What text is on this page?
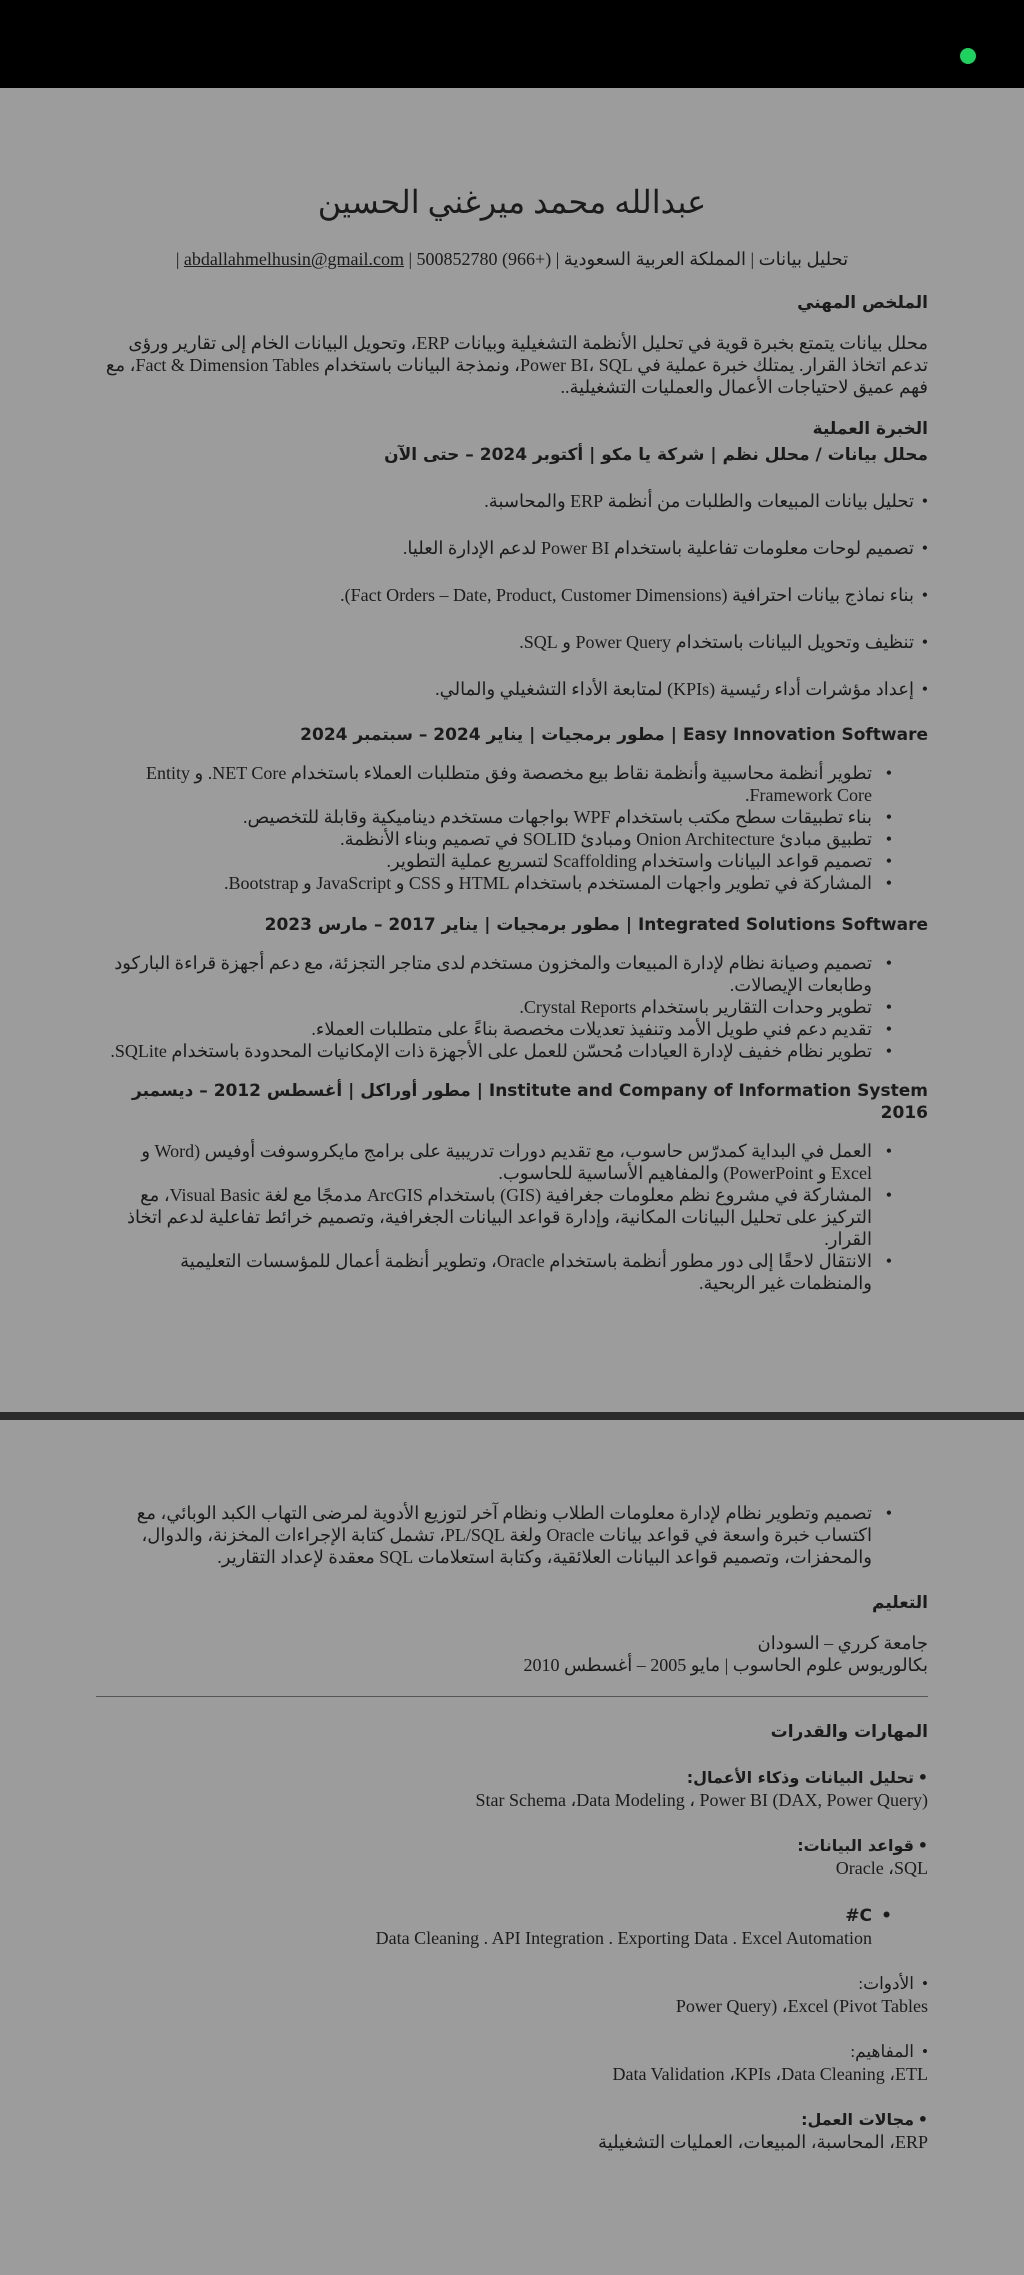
عبدالله محمد ميرغني الحسين
تحليل بيانات | المملكة العربية السعودية | abdallahmelhusin@gmail.com | 500852780 (966+) |
الملخص المهني

محلل بيانات يتمتع بخبرة قوية في تحليل الأنظمة التشغيلية وبيانات ERP، وتحويل البيانات الخام إلى تقارير ورؤى تدعم اتخاذ القرار. يمتلك خبرة عملية في Power BI، SQL، ونمذجة البيانات باستخدام Fact & Dimension Tables، مع فهم عميق لاحتياجات الأعمال والعمليات التشغيلية..

الخبرة العملية
محلل بيانات / محلل نظم | شركة يا مكو | أكتوبر 2024 – حتى الآن
• تحليل بيانات المبيعات والطلبات من أنظمة ERP والمحاسبة.
• تصميم لوحات معلومات تفاعلية باستخدام Power BI لدعم الإدارة العليا.
• بناء نماذج بيانات احترافية (Fact Orders – Date, Product, Customer Dimensions).
• تنظيف وتحويل البيانات باستخدام Power Query و SQL.
• إعداد مؤشرات أداء رئيسية (KPIs) لمتابعة الأداء التشغيلي والمالي.
Easy Innovation Software | مطور برمجيات | يناير 2024 – سبتمبر 2024
• تطوير أنظمة محاسبية وأنظمة نقاط بيع مخصصة وفق متطلبات العملاء باستخدام NET Core. و Entity Framework Core.
• بناء تطبيقات سطح مكتب باستخدام WPF بواجهات مستخدم ديناميكية وقابلة للتخصيص.
• تطبيق مبادئ Onion Architecture ومبادئ SOLID في تصميم وبناء الأنظمة.
• تصميم قواعد البيانات واستخدام Scaffolding لتسريع عملية التطوير.
• المشاركة في تطوير واجهات المستخدم باستخدام HTML و CSS و JavaScript و Bootstrap.
Integrated Solutions Software | مطور برمجيات | يناير 2017 – مارس 2023
• تصميم وصيانة نظام لإدارة المبيعات والمخزون مستخدم لدى متاجر التجزئة، مع دعم أجهزة قراءة الباركود وطابعات الإيصالات.
• تطوير وحدات التقارير باستخدام Crystal Reports.
• تقديم دعم فني طويل الأمد وتنفيذ تعديلات مخصصة بناءً على متطلبات العملاء.
• تطوير نظام خفيف لإدارة العيادات مُحسّن للعمل على الأجهزة ذات الإمكانيات المحدودة باستخدام SQLite.
Institute and Company of Information System | مطور أوراكل | أغسطس 2012 – ديسمبر 2016
• العمل في البداية كمدرّس حاسوب، مع تقديم دورات تدريبية على برامج مايكروسوفت أوفيس (Word و Excel و PowerPoint) والمفاهيم الأساسية للحاسوب.
• المشاركة في مشروع نظم معلومات جغرافية (GIS) باستخدام ArcGIS مدمجًا مع لغة Visual Basic، مع التركيز على تحليل البيانات المكانية، وإدارة قواعد البيانات الجغرافية، وتصميم خرائط تفاعلية لدعم اتخاذ القرار.
• الانتقال لاحقًا إلى دور مطور أنظمة باستخدام Oracle، وتطوير أنظمة أعمال للمؤسسات التعليمية والمنظمات غير الربحية.
• تصميم وتطوير نظام لإدارة معلومات الطلاب ونظام آخر لتوزيع الأدوية لمرضى التهاب الكبد الوبائي، مع اكتساب خبرة واسعة في قواعد بيانات Oracle ولغة PL/SQL، تشمل كتابة الإجراءات المخزنة، والدوال، والمحفزات، وتصميم قواعد البيانات العلائقية، وكتابة استعلامات SQL معقدة لإعداد التقارير.
التعليم

جامعة كرري – السودان

بكالوريوس علوم الحاسوب | مايو 2005 – أغسطس 2010

المهارات والقدرات
• تحليل البيانات وذكاء الأعمال:
Star Schema ،Data Modeling ، Power BI (DAX, Power Query)
• قواعد البيانات:
Oracle ،SQL
• C#
Data Cleaning . API Integration . Exporting Data . Excel Automation
• الأدوات:
Power Query) ،Excel (Pivot Tables
• المفاهيم:
Data Validation ،KPIs ،Data Cleaning ،ETL
• مجالات العمل:
ERP، المحاسبة، المبيعات، العمليات التشغيلية
